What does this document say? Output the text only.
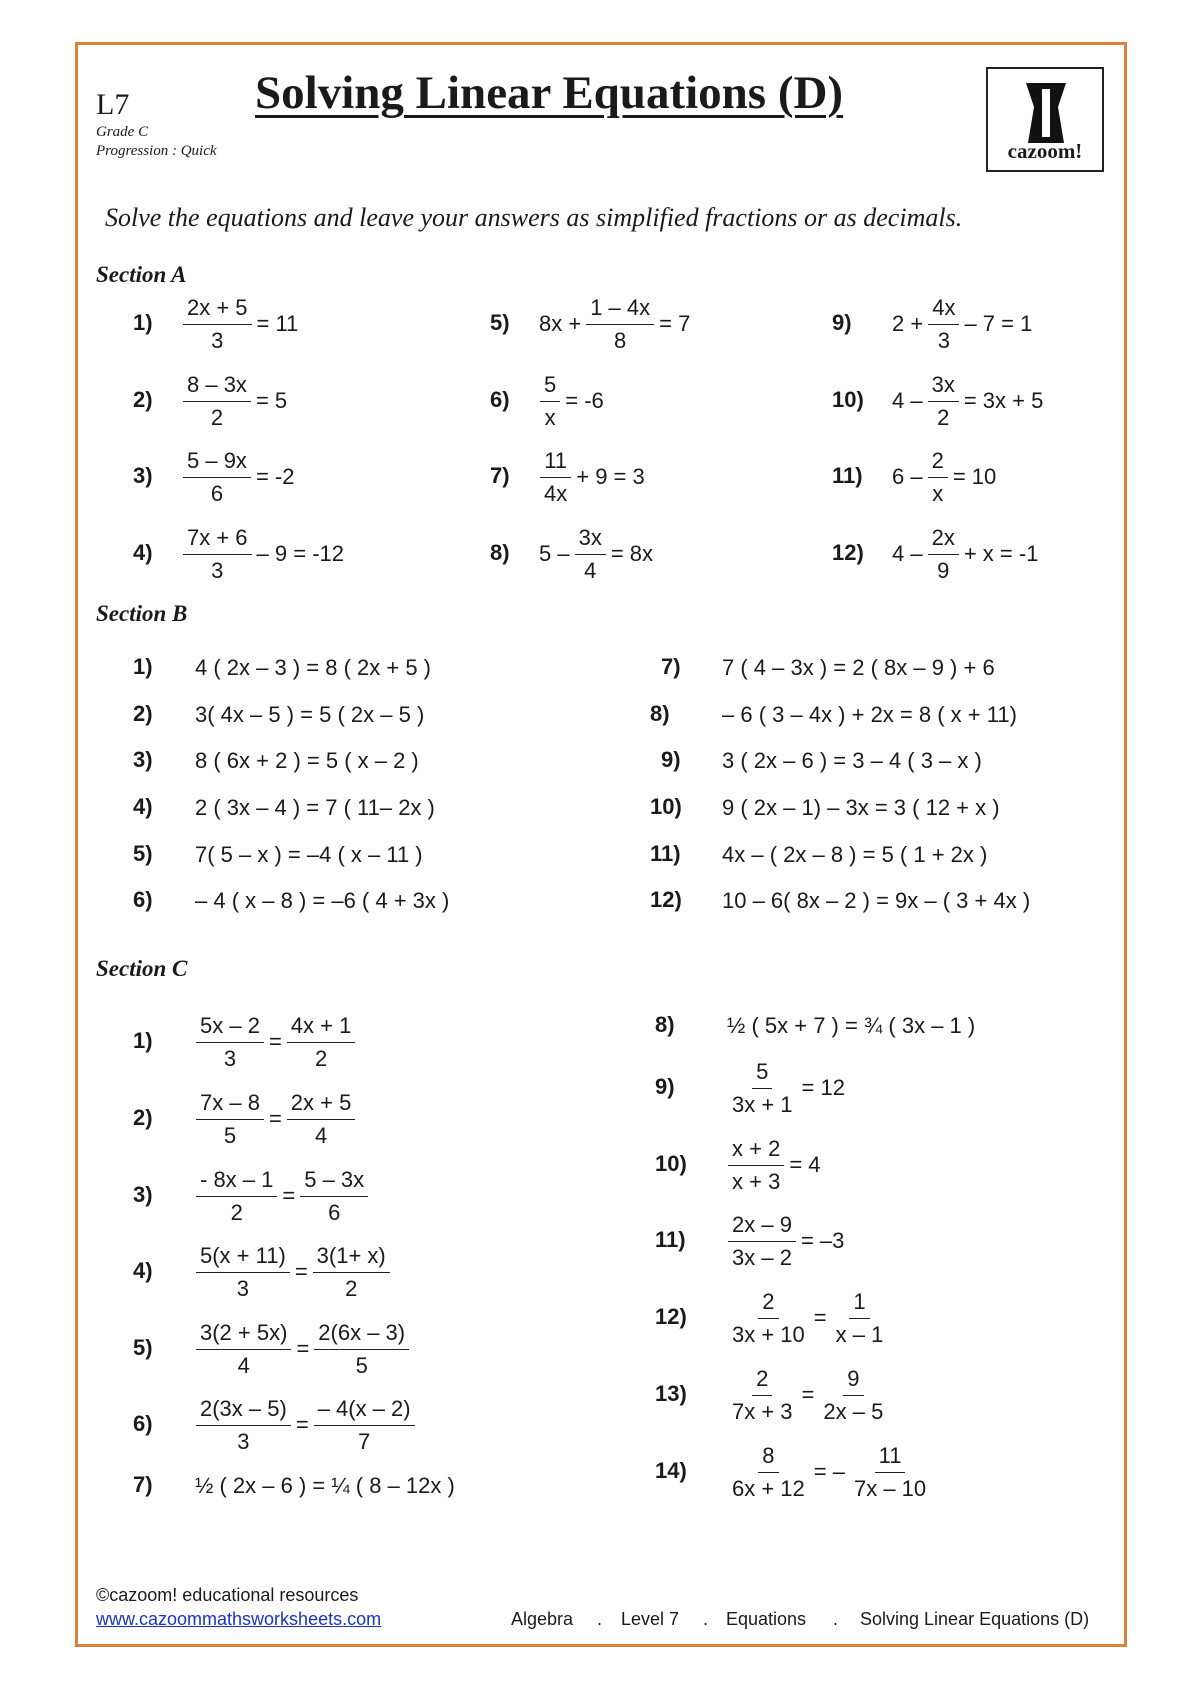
L7
Grade C
Progression : Quick
Solving Linear Equations (D)
cazoom!
Solve the equations and leave your answers as simplified fractions or as decimals.
Section A
$1) \frac{2x + 5}{3} = 11$
$2) \frac{8 - 3x}{2} = 5$
$3) \frac{5 - 9x}{6} = -2$
$4) \frac{7x + 6}{3} - 9 = -12$
5) $8x + \frac{1 - 4x}{8} = 7$
$6) \frac{5}{x} = -6$
$7) \frac{11}{4x} + 9 = 3$
8) $5 - \frac{3x}{4} = 8x$
9) $2 + \frac{4x}{3} - 7 = 1$
10) $4 - \frac{3x}{2} = 3x + 5$
11) $6 - \frac{2}{x} = 10$
12) $4 - \frac{2x}{9} + x = -1$
Section B
1) 4 ( 2x – 3 ) = 8 ( 2x + 5 )
2) 3( 4x – 5 ) = 5 ( 2x – 5 )
3) 8 ( 6x + 2 ) = 5 ( x – 2 )
4) 2 ( 3x – 4 ) = 7 ( 11– 2x )
5) 7( 5 – x ) = –4 ( x – 11 )
6) – 4 ( x – 8 ) = –6 ( 4 + 3x )
7) 7 ( 4 – 3x ) = 2 ( 8x – 9 ) + 6
8) – 6 ( 3 – 4x ) + 2x = 8 ( x + 11)
9) 3 ( 2x – 6 ) = 3 – 4 ( 3 – x )
10) 9 ( 2x – 1) – 3x = 3 ( 12 + x )
11) 4x – ( 2x – 8 ) = 5 ( 1 + 2x )
12) 10 – 6( 8x – 2 ) = 9x – ( 3 + 4x )
Section C
$1) \frac{5x - 2}{3} = \frac{4x + 1}{2}$
$2) \frac{7x - 8}{5} = \frac{2x + 5}{4}$
$3) \frac{- 8x - 1}{2} = \frac{5 - 3x}{6}$
$4) \frac{5(x + 11)}{3} = \frac{3(1+ x)}{2}$
$5) \frac{3(2 + 5x)}{4} = \frac{2(6x - 3)}{5}$
$6) \frac{2(3x - 5)}{3} = \frac{- 4(x - 2)}{7}$
7) ½ ( 2x – 6 ) = ¼ ( 8 – 12x )
8) ½ ( 5x + 7 ) = ¾ ( 3x – 1 )
$9) \frac{5}{3x + 1} = 12$
$10) \frac{x + 2}{x + 3} = 4$
$11) \frac{2x - 9}{3x - 2} = -3$
$12) \frac{2}{3x + 10} = \frac{1}{x - 1}$
$13) \frac{2}{7x + 3} = \frac{9}{2x - 5}$
$14) \frac{8}{6x + 12}$ = – $\frac{11}{7x - 10}$
©cazoom! educational resources
www.cazoommathsworksheets.com	Algebra . Level 7 . Equations . Solving Linear Equations (D)
